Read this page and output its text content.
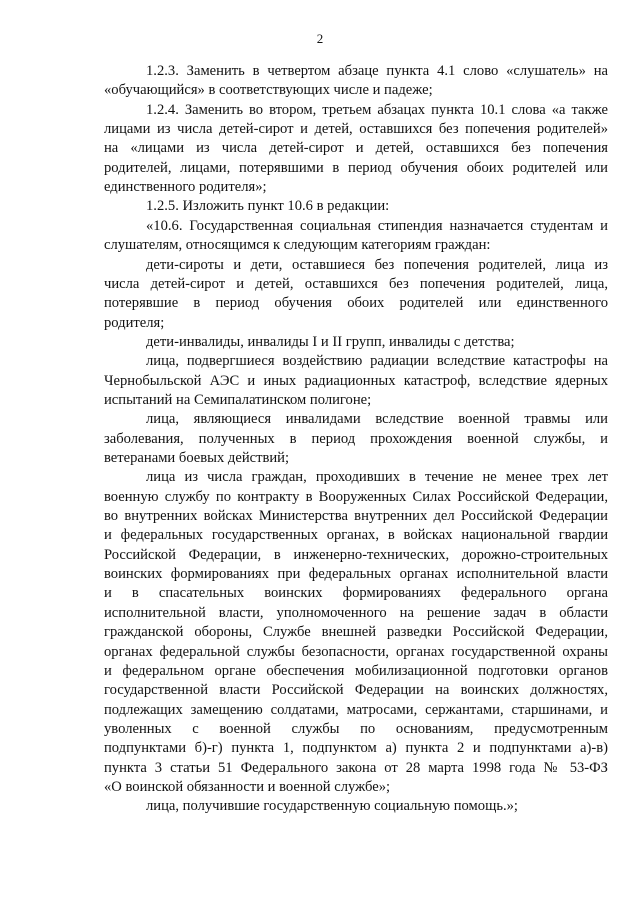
2
1.2.3. Заменить в четвертом абзаце пункта 4.1 слово «слушатель» на
«обучающийся» в соответствующих числе и падеже;
1.2.4. Заменить во втором, третьем абзацах пункта 10.1 слова «а также
лицами из числа детей-сирот и детей, оставшихся без попечения родителей»
на «лицами из числа детей-сирот и детей, оставшихся без попечения
родителей, лицами, потерявшими в период обучения обоих родителей или
единственного родителя»;
1.2.5. Изложить пункт 10.6 в редакции:
«10.6. Государственная социальная стипендия назначается студентам и
слушателям, относящимся к следующим категориям граждан:
дети-сироты и дети, оставшиеся без попечения родителей, лица из
числа детей-сирот и детей, оставшихся без попечения родителей, лица,
потерявшие в период обучения обоих родителей или единственного
родителя;
дети-инвалиды, инвалиды I и II групп, инвалиды с детства;
лица, подвергшиеся воздействию радиации вследствие катастрофы на
Чернобыльской АЭС и иных радиационных катастроф, вследствие ядерных
испытаний на Семипалатинском полигоне;
лица, являющиеся инвалидами вследствие военной травмы или
заболевания, полученных в период прохождения военной службы, и
ветеранами боевых действий;
лица из числа граждан, проходивших в течение не менее трех лет
военную службу по контракту в Вооруженных Силах Российской Федерации,
во внутренних войсках Министерства внутренних дел Российской Федерации
и федеральных государственных органах, в войсках национальной гвардии
Российской Федерации, в инженерно-технических, дорожно-строительных
воинских формированиях при федеральных органах исполнительной власти
и в спасательных воинских формированиях федерального органа
исполнительной власти, уполномоченного на решение задач в области
гражданской обороны, Службе внешней разведки Российской Федерации,
органах федеральной службы безопасности, органах государственной охраны
и федеральном органе обеспечения мобилизационной подготовки органов
государственной власти Российской Федерации на воинских должностях,
подлежащих замещению солдатами, матросами, сержантами, старшинами, и
уволенных с военной службы по основаниям, предусмотренным
подпунктами б)-г) пункта 1, подпунктом а) пункта 2 и подпунктами а)-в)
пункта 3 статьи 51 Федерального закона от 28 марта 1998 года № 53-ФЗ
«О воинской обязанности и военной службе»;
лица, получившие государственную социальную помощь.»;
